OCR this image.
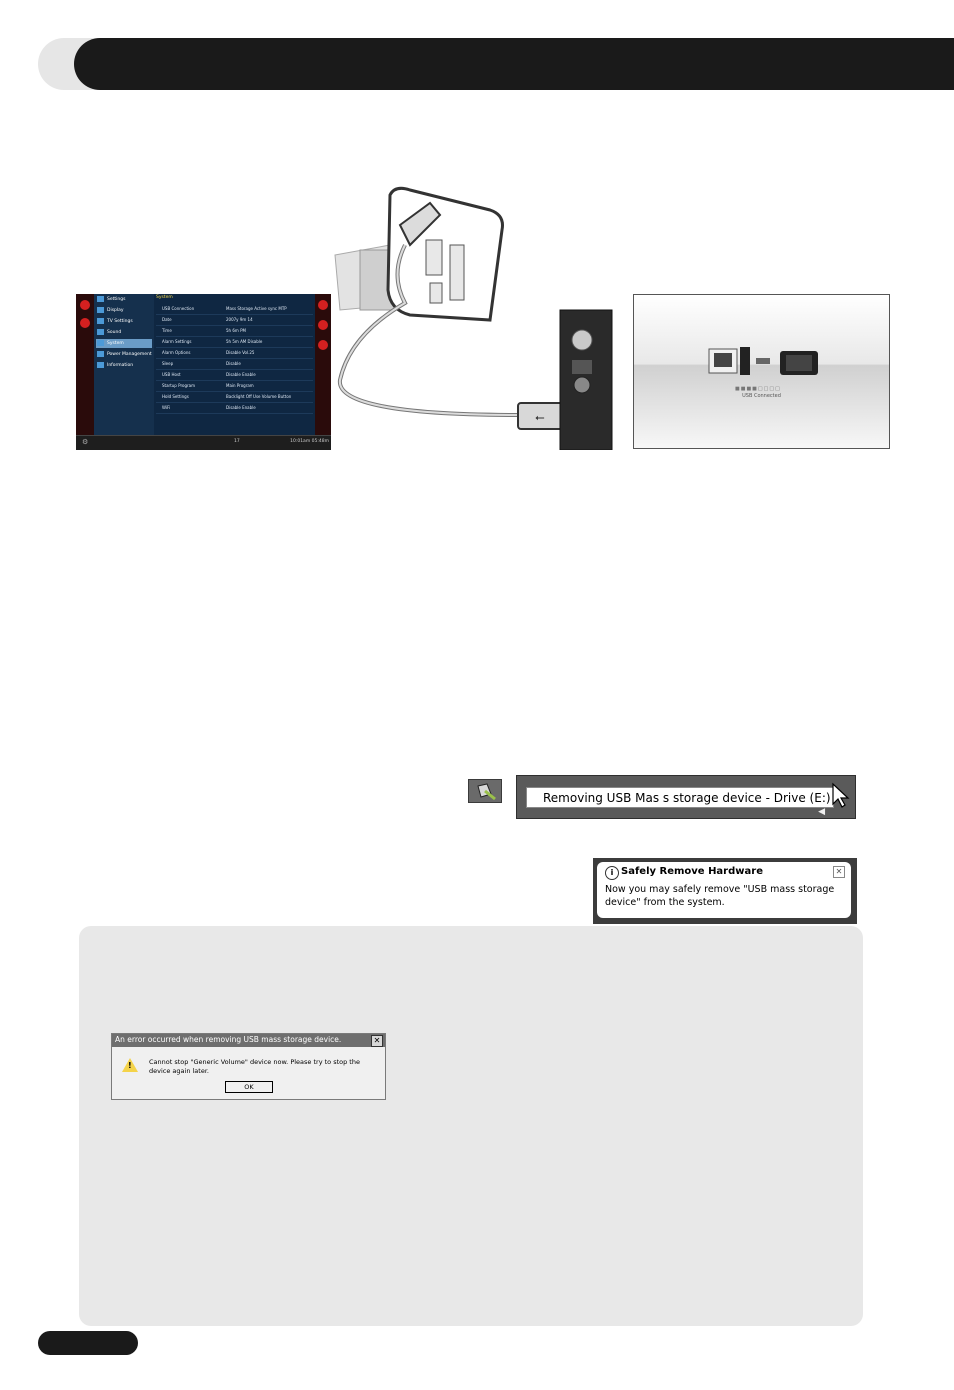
⭠
Settings
Display
TV Settings
Sound
System
Power Management
Information
System
USB Connection	Mass Storage Active sync MTP
Date	2007y 9m 14
Time	5h 6m PM
Alarm Settings	5h 5m AM Disable
Alarm Options	Disable Vol.25
Sleep	Disable
USB Host	Disable Enable
Startup Program	Main Program
Hold Settings	Backlight Off Use Volume Button
WiFi	Disable Enable
⚙	17	10:01am 05:48m
■■■■□□□□
USB Connected
Removing USB Mas s storage device - Drive (E:)
◀
i Safely Remove Hardware	✕
Now you may safely remove "USB mass storage device" from the system.
An error occurred when removing USB mass storage device.	✕
!	Cannot stop "Generic Volume" device now. Please try to stop the device again later.
OK
